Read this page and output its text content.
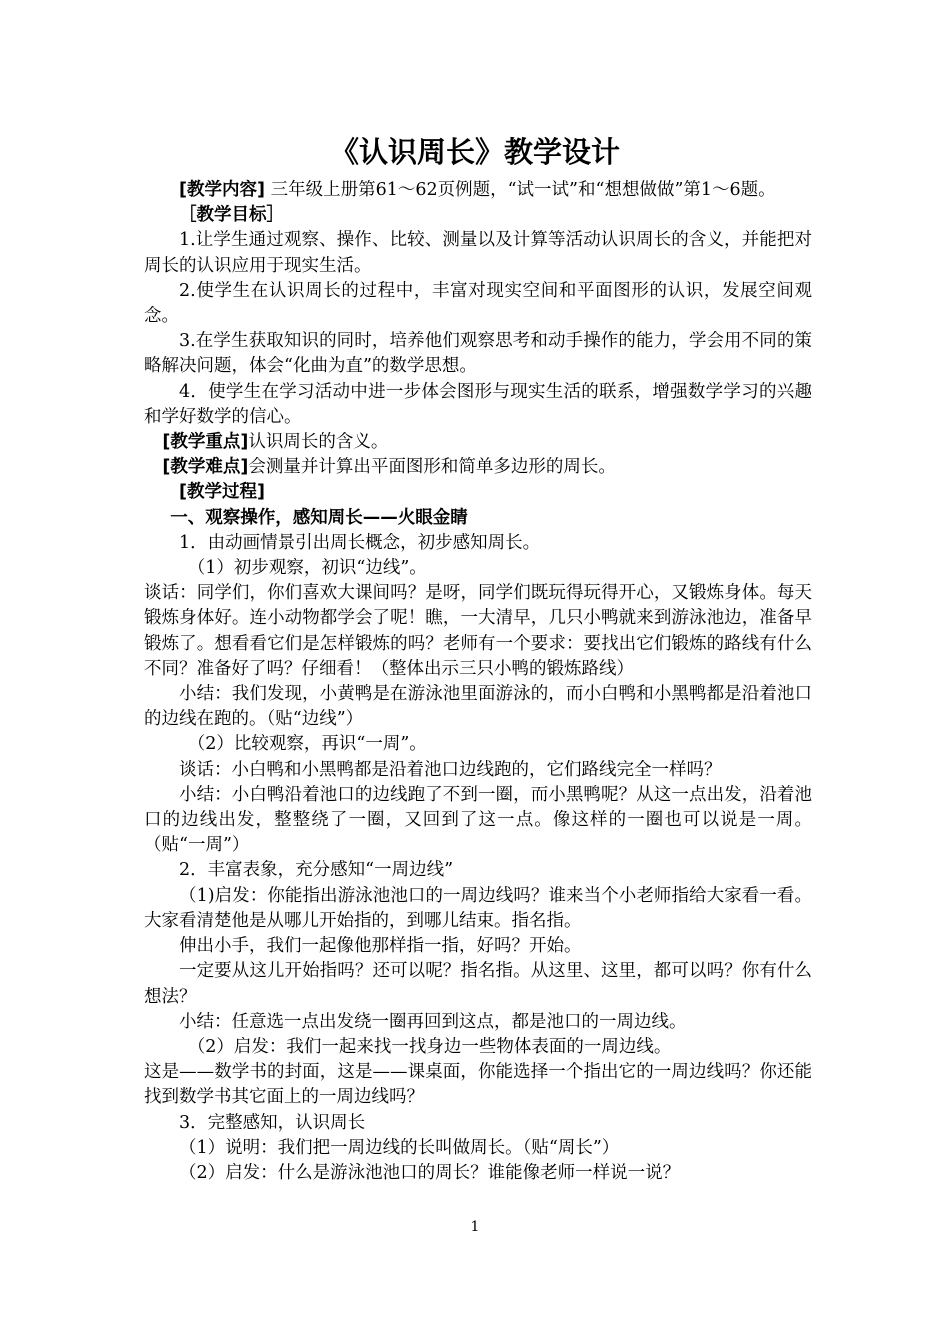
《认识周长》教学设计

[教学内容] 三年级上册第61～62页例题，“试一试”和“想想做做”第1～6题。

［教学目标］

1.让学生通过观察、操作、比较、测量以及计算等活动认识周长的含义，并能把对周长的认识应用于现实生活。

2.使学生在认识周长的过程中，丰富对现实空间和平面图形的认识，发展空间观念。

3.在学生获取知识的同时，培养他们观察思考和动手操作的能力，学会用不同的策略解决问题，体会“化曲为直”的数学思想。

4．使学生在学习活动中进一步体会图形与现实生活的联系，增强数学学习的兴趣和学好数学的信心。

[教学重点]认识周长的含义。

[教学难点]会测量并计算出平面图形和简单多边形的周长。

[教学过程]

一、观察操作，感知周长——火眼金睛

1．由动画情景引出周长概念，初步感知周长。

（1）初步观察，初识“边线”。

谈话：同学们，你们喜欢大课间吗？是呀，同学们既玩得玩得开心，又锻炼身体。每天锻炼身体好。连小动物都学会了呢！瞧，一大清早，几只小鸭就来到游泳池边，准备早锻炼了。想看看它们是怎样锻炼的吗？老师有一个要求：要找出它们锻炼的路线有什么不同？准备好了吗？仔细看！（整体出示三只小鸭的锻炼路线）

小结：我们发现，小黄鸭是在游泳池里面游泳的，而小白鸭和小黑鸭都是沿着池口的边线在跑的。（贴“边线”）

（2）比较观察，再识“一周”。

谈话：小白鸭和小黑鸭都是沿着池口边线跑的，它们路线完全一样吗？

小结：小白鸭沿着池口的边线跑了不到一圈，而小黑鸭呢？从这一点出发，沿着池口的边线出发，整整绕了一圈，又回到了这一点。像这样的一圈也可以说是一周。（贴“一周”）

2．丰富表象，充分感知“一周边线”

（1)启发：你能指出游泳池池口的一周边线吗？谁来当个小老师指给大家看一看。大家看清楚他是从哪儿开始指的，到哪儿结束。指名指。

伸出小手，我们一起像他那样指一指，好吗？开始。

一定要从这儿开始指吗？还可以呢？指名指。从这里、这里，都可以吗？你有什么想法？

小结：任意选一点出发绕一圈再回到这点，都是池口的一周边线。

（2）启发：我们一起来找一找身边一些物体表面的一周边线。

这是——数学书的封面，这是——课桌面，你能选择一个指出它的一周边线吗？你还能找到数学书其它面上的一周边线吗？

3．完整感知，认识周长

（1）说明：我们把一周边线的长叫做周长。（贴“周长”）

（2）启发：什么是游泳池池口的周长？谁能像老师一样说一说？

1
